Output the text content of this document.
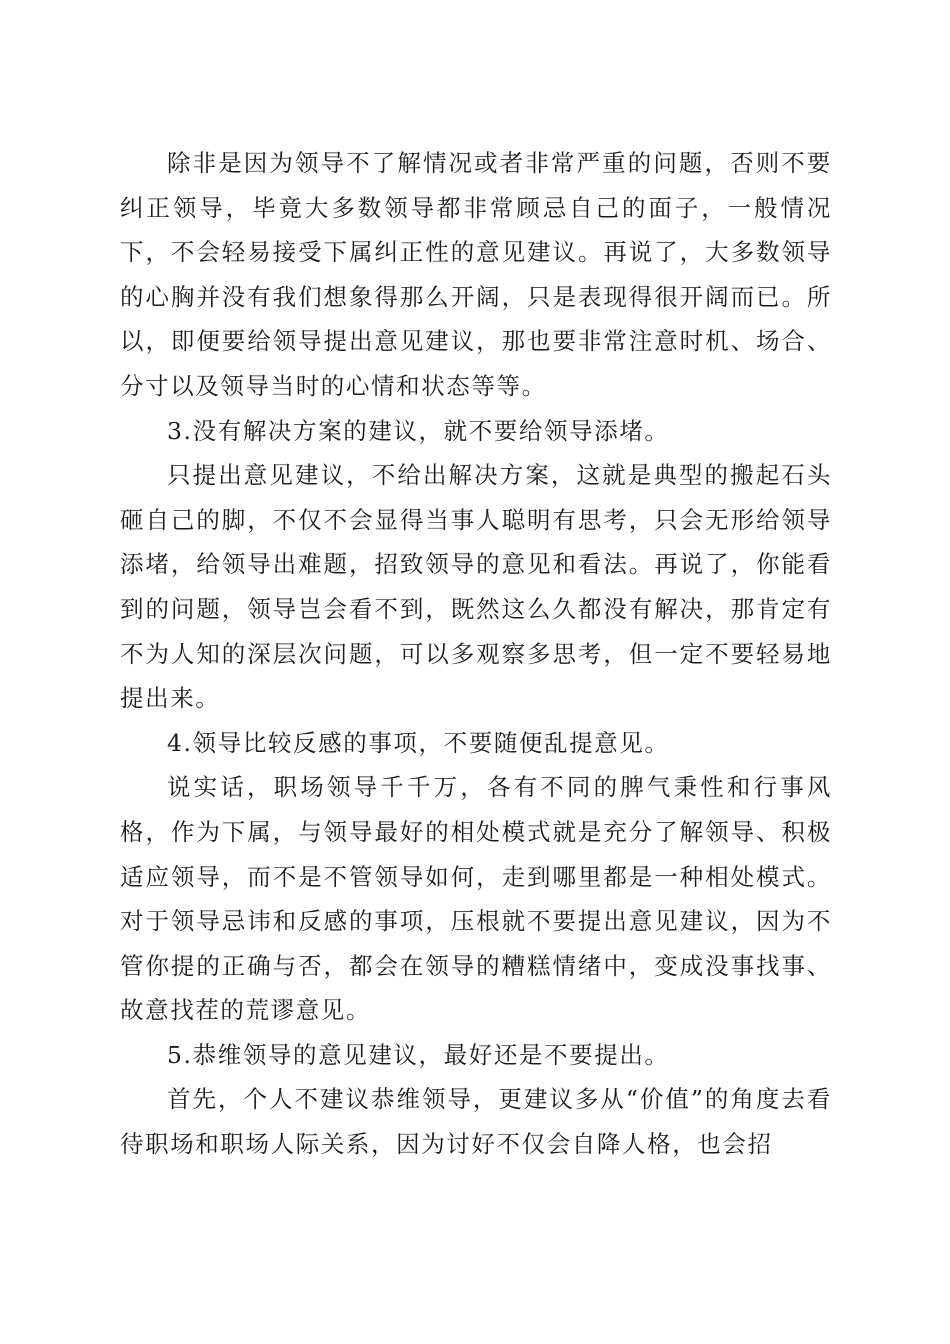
除非是因为领导不了解情况或者非常严重的问题，否则不要纠正领导，毕竟大多数领导都非常顾忌自己的面子，一般情况下，不会轻易接受下属纠正性的意见建议。再说了，大多数领导的心胸并没有我们想象得那么开阔，只是表现得很开阔而已。所以，即便要给领导提出意见建议，那也要非常注意时机、场合、分寸以及领导当时的心情和状态等等。

3.没有解决方案的建议，就不要给领导添堵。

只提出意见建议，不给出解决方案，这就是典型的搬起石头砸自己的脚，不仅不会显得当事人聪明有思考，只会无形给领导添堵，给领导出难题，招致领导的意见和看法。再说了，你能看到的问题，领导岂会看不到，既然这么久都没有解决，那肯定有不为人知的深层次问题，可以多观察多思考，但一定不要轻易地提出来。

4.领导比较反感的事项，不要随便乱提意见。

说实话，职场领导千千万，各有不同的脾气秉性和行事风格，作为下属，与领导最好的相处模式就是充分了解领导、积极适应领导，而不是不管领导如何，走到哪里都是一种相处模式。对于领导忌讳和反感的事项，压根就不要提出意见建议，因为不管你提的正确与否，都会在领导的糟糕情绪中，变成没事找事、故意找茬的荒谬意见。

5.恭维领导的意见建议，最好还是不要提出。

首先，个人不建议恭维领导，更建议多从“价值”的角度去看待职场和职场人际关系，因为讨好不仅会自降人格，也会招
